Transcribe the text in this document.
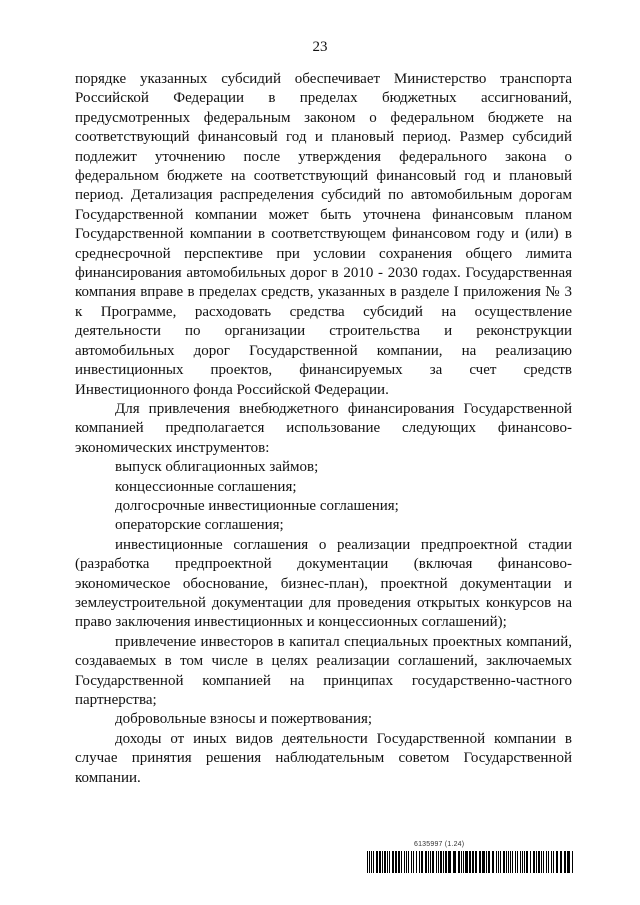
23

порядке указанных субсидий обеспечивает Министерство транспорта Российской Федерации в пределах бюджетных ассигнований, предусмотренных федеральным законом о федеральном бюджете на соответствующий финансовый год и плановый период. Размер субсидий подлежит уточнению после утверждения федерального закона о федеральном бюджете на соответствующий финансовый год и плановый период. Детализация распределения субсидий по автомобильным дорогам Государственной компании может быть уточнена финансовым планом Государственной компании в соответствующем финансовом году и (или) в среднесрочной перспективе при условии сохранения общего лимита финансирования автомобильных дорог в 2010 - 2030 годах. Государственная компания вправе в пределах средств, указанных в разделе I приложения № 3 к Программе, расходовать средства субсидий на осуществление деятельности по организации строительства и реконструкции автомобильных дорог Государственной компании, на реализацию инвестиционных проектов, финансируемых за счет средств Инвестиционного фонда Российской Федерации.

Для привлечения внебюджетного финансирования Государственной компанией предполагается использование следующих финансово-экономических инструментов:

выпуск облигационных займов;

концессионные соглашения;

долгосрочные инвестиционные соглашения;

операторские соглашения;

инвестиционные соглашения о реализации предпроектной стадии (разработка предпроектной документации (включая финансово-экономическое обоснование, бизнес-план), проектной документации и землеустроительной документации для проведения открытых конкурсов на право заключения инвестиционных и концессионных соглашений);

привлечение инвесторов в капитал специальных проектных компаний, создаваемых в том числе в целях реализации соглашений, заключаемых Государственной компанией на принципах государственно-частного партнерства;

добровольные взносы и пожертвования;

доходы от иных видов деятельности Государственной компании в случае принятия решения наблюдательным советом Государственной компании.

6135997 (1.24)
